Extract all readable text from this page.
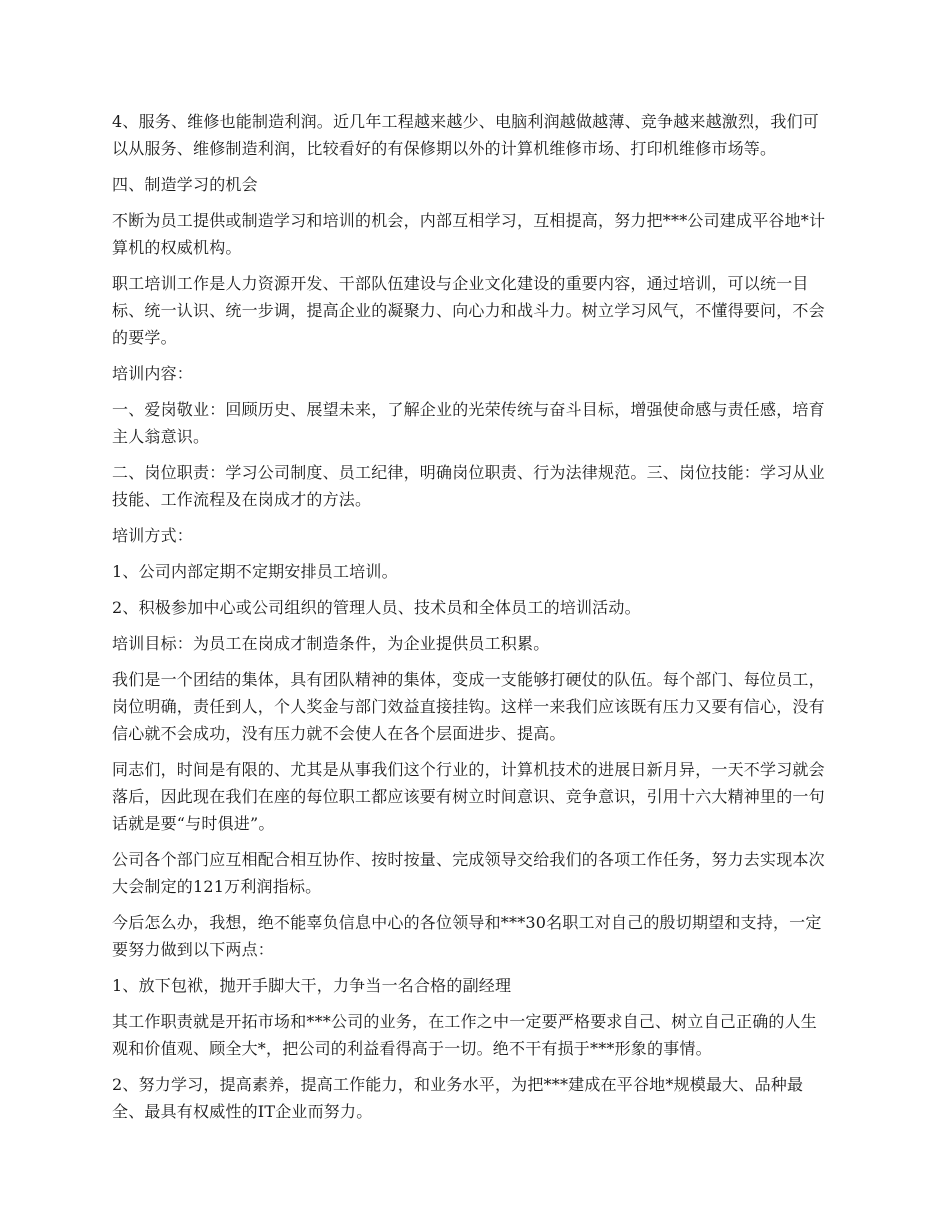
4、服务、维修也能制造利润。近几年工程越来越少、电脑利润越做越薄、竞争越来越激烈，我们可以从服务、维修制造利润，比较看好的有保修期以外的计算机维修市场、打印机维修市场等。

四、制造学习的机会

不断为员工提供或制造学习和培训的机会，内部互相学习，互相提高，努力把***公司建成平谷地*计算机的权威机构。

职工培训工作是人力资源开发、干部队伍建设与企业文化建设的重要内容，通过培训，可以统一目标、统一认识、统一步调，提高企业的凝聚力、向心力和战斗力。树立学习风气，不懂得要问，不会的要学。

培训内容：

一、爱岗敬业：回顾历史、展望未来，了解企业的光荣传统与奋斗目标，增强使命感与责任感，培育主人翁意识。

二、岗位职责：学习公司制度、员工纪律，明确岗位职责、行为法律规范。三、岗位技能：学习从业技能、工作流程及在岗成才的方法。

培训方式：

1、公司内部定期不定期安排员工培训。

2、积极参加中心或公司组织的管理人员、技术员和全体员工的培训活动。

培训目标：为员工在岗成才制造条件，为企业提供员工积累。

我们是一个团结的集体，具有团队精神的集体，变成一支能够打硬仗的队伍。每个部门、每位员工，岗位明确，责任到人，个人奖金与部门效益直接挂钩。这样一来我们应该既有压力又要有信心，没有信心就不会成功，没有压力就不会使人在各个层面进步、提高。

同志们，时间是有限的、尤其是从事我们这个行业的，计算机技术的进展日新月异，一天不学习就会落后，因此现在我们在座的每位职工都应该要有树立时间意识、竞争意识，引用十六大精神里的一句话就是要“与时俱进”。

公司各个部门应互相配合相互协作、按时按量、完成领导交给我们的各项工作任务，努力去实现本次大会制定的121万利润指标。

今后怎么办，我想，绝不能辜负信息中心的各位领导和***30名职工对自己的殷切期望和支持，一定要努力做到以下两点：

1、放下包袱，抛开手脚大干，力争当一名合格的副经理

其工作职责就是开拓市场和***公司的业务，在工作之中一定要严格要求自己、树立自己正确的人生观和价值观、顾全大*，把公司的利益看得高于一切。绝不干有损于***形象的事情。

2、努力学习，提高素养，提高工作能力，和业务水平，为把***建成在平谷地*规模最大、品种最全、最具有权威性的IT企业而努力。
